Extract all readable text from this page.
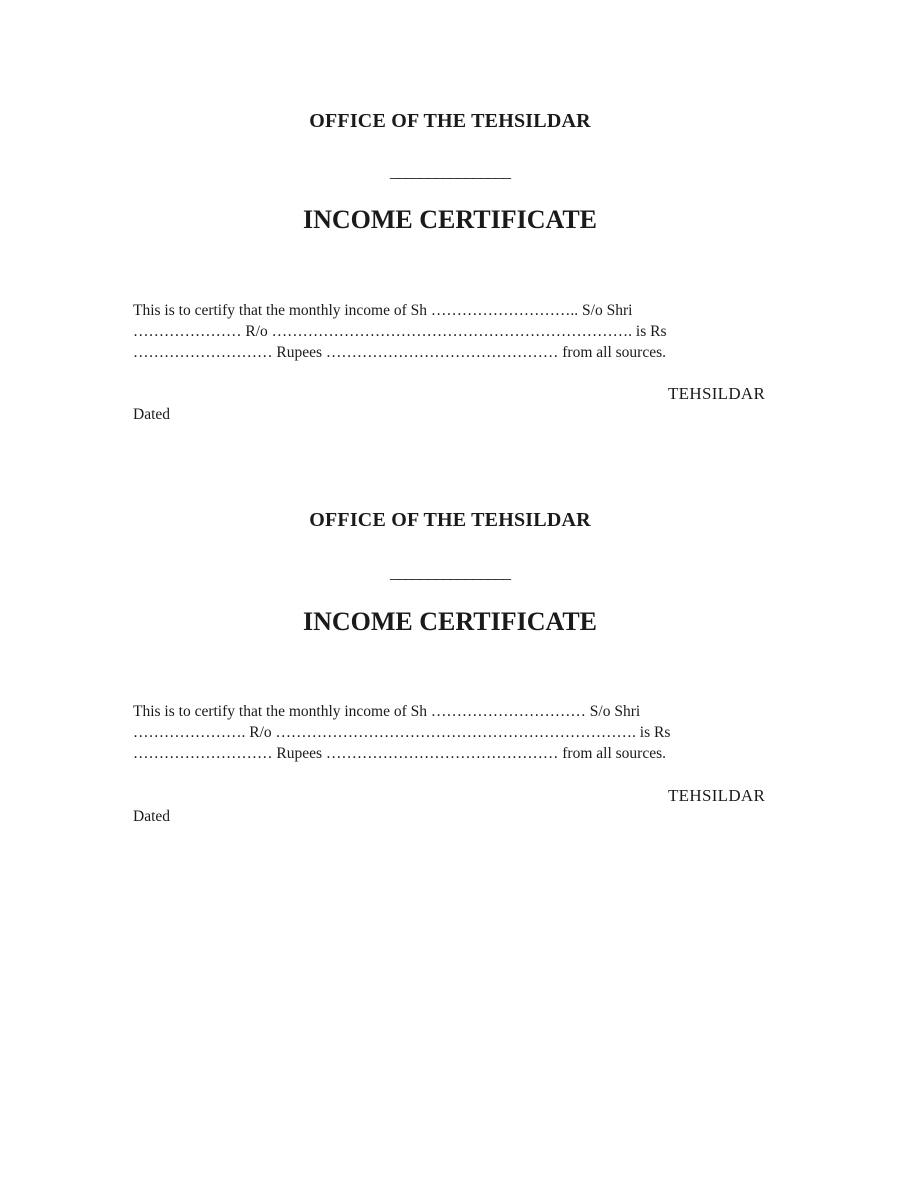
OFFICE OF THE TEHSILDAR
________________
INCOME CERTIFICATE
This is to certify that the monthly income of Sh ……………………….. S/o Shri
………………… R/o ……………………………………………………………. is Rs
……………………… Rupees ……………………………………… from all sources.
TEHSILDAR
Dated
OFFICE OF THE TEHSILDAR
________________
INCOME CERTIFICATE
This is to certify that the monthly income of Sh ………………………… S/o Shri
…………………. R/o ……………………………………………………………. is Rs
……………………… Rupees ……………………………………… from all sources.
TEHSILDAR
Dated
